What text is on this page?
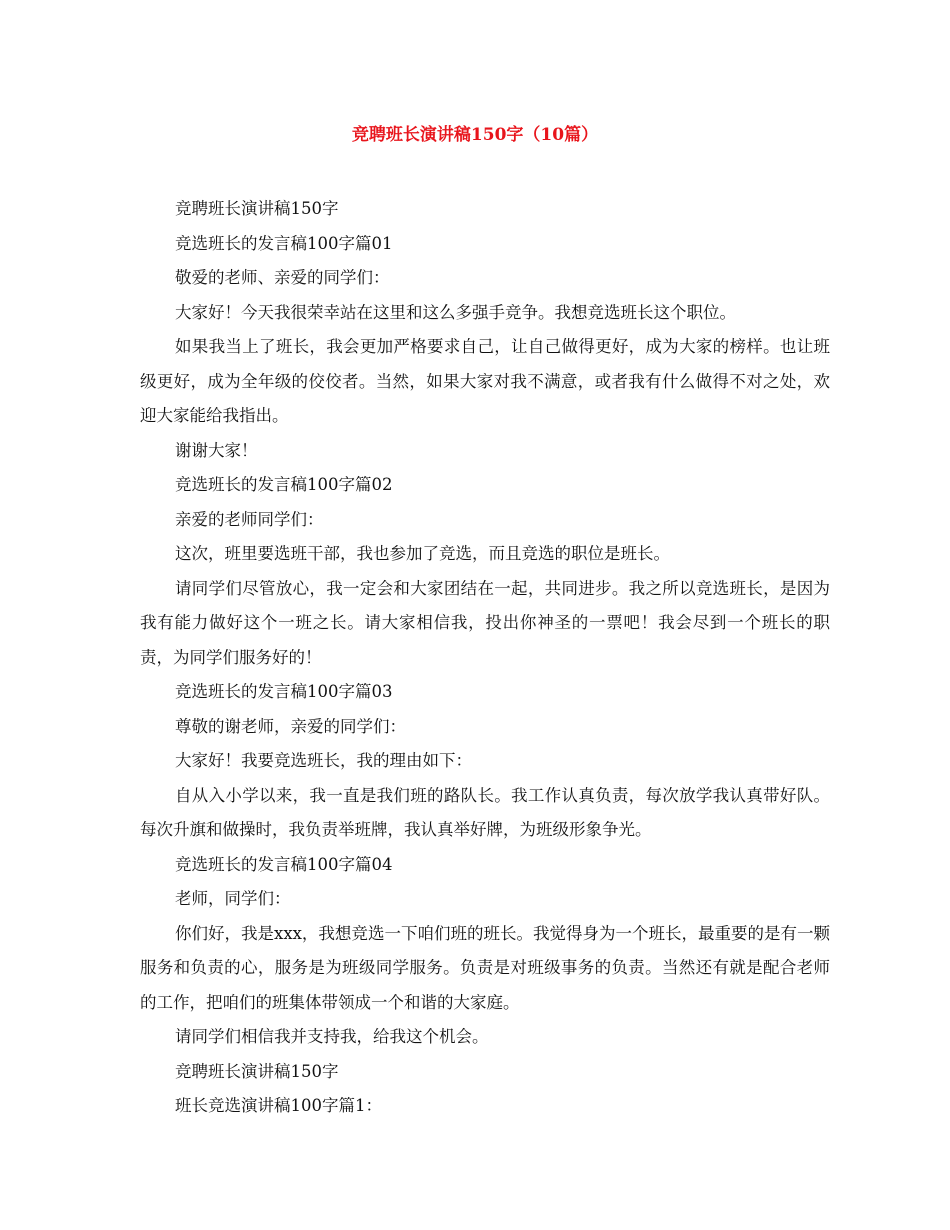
竞聘班长演讲稿150字（10篇）

竞聘班长演讲稿150字

竞选班长的发言稿100字篇01

敬爱的老师、亲爱的同学们：

大家好！今天我很荣幸站在这里和这么多强手竞争。我想竞选班长这个职位。

如果我当上了班长，我会更加严格要求自己，让自己做得更好，成为大家的榜样。也让班级更好，成为全年级的佼佼者。当然，如果大家对我不满意，或者我有什么做得不对之处，欢迎大家能给我指出。

谢谢大家！

竞选班长的发言稿100字篇02

亲爱的老师同学们：

这次，班里要选班干部，我也参加了竞选，而且竞选的职位是班长。

请同学们尽管放心，我一定会和大家团结在一起，共同进步。我之所以竞选班长，是因为我有能力做好这个一班之长。请大家相信我，投出你神圣的一票吧！我会尽到一个班长的职责，为同学们服务好的！

竞选班长的发言稿100字篇03

尊敬的谢老师，亲爱的同学们：

大家好！我要竞选班长，我的理由如下：

自从入小学以来，我一直是我们班的路队长。我工作认真负责，每次放学我认真带好队。每次升旗和做操时，我负责举班牌，我认真举好牌，为班级形象争光。

竞选班长的发言稿100字篇04

老师，同学们：

你们好，我是xxx，我想竞选一下咱们班的班长。我觉得身为一个班长，最重要的是有一颗服务和负责的心，服务是为班级同学服务。负责是对班级事务的负责。当然还有就是配合老师的工作，把咱们的班集体带领成一个和谐的大家庭。

请同学们相信我并支持我，给我这个机会。

竞聘班长演讲稿150字

班长竞选演讲稿100字篇1：
